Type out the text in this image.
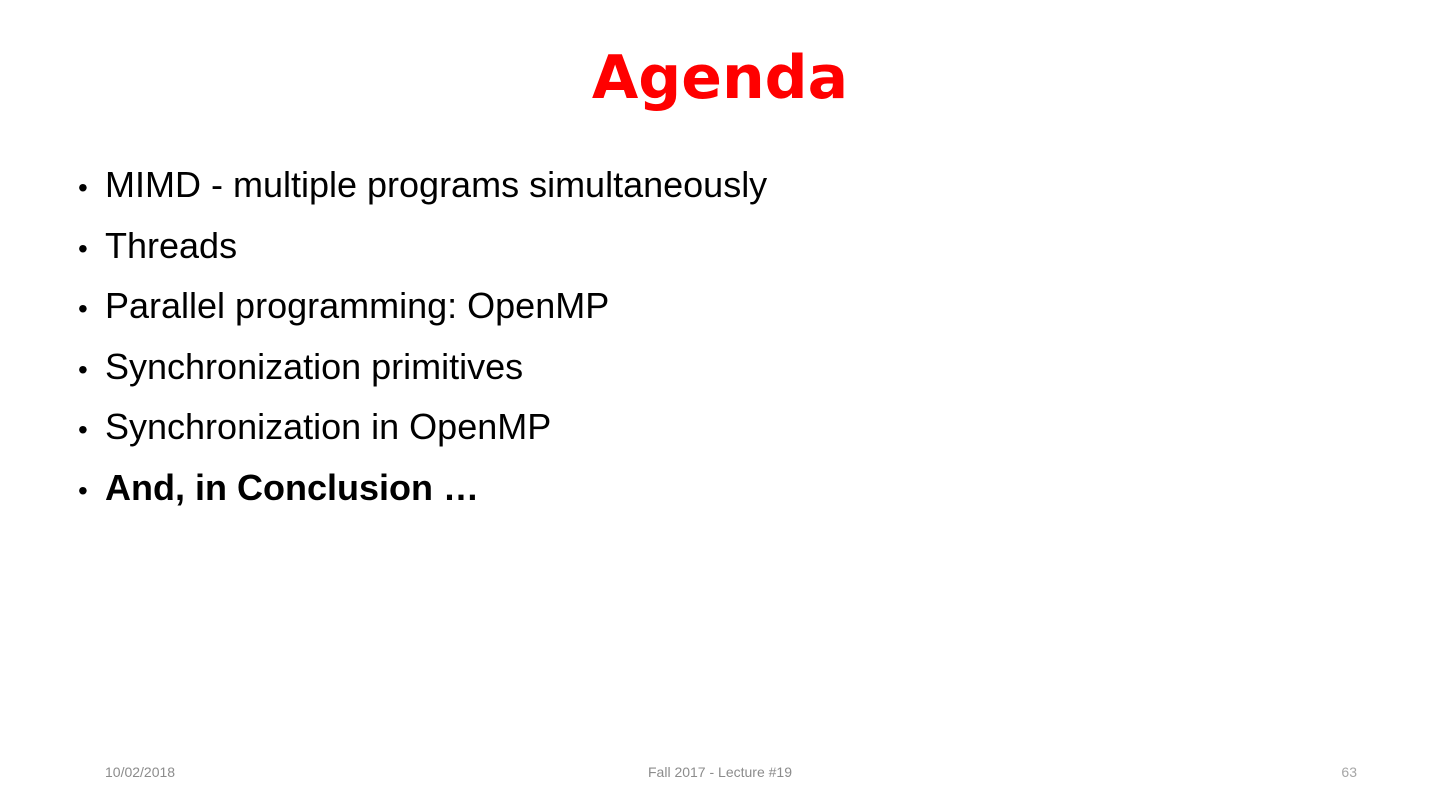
Agenda
• MIMD - multiple programs simultaneously
• Threads
• Parallel programming: OpenMP
• Synchronization primitives
• Synchronization in OpenMP
• And, in Conclusion …
10/02/2018	Fall 2017 - Lecture #19	63
